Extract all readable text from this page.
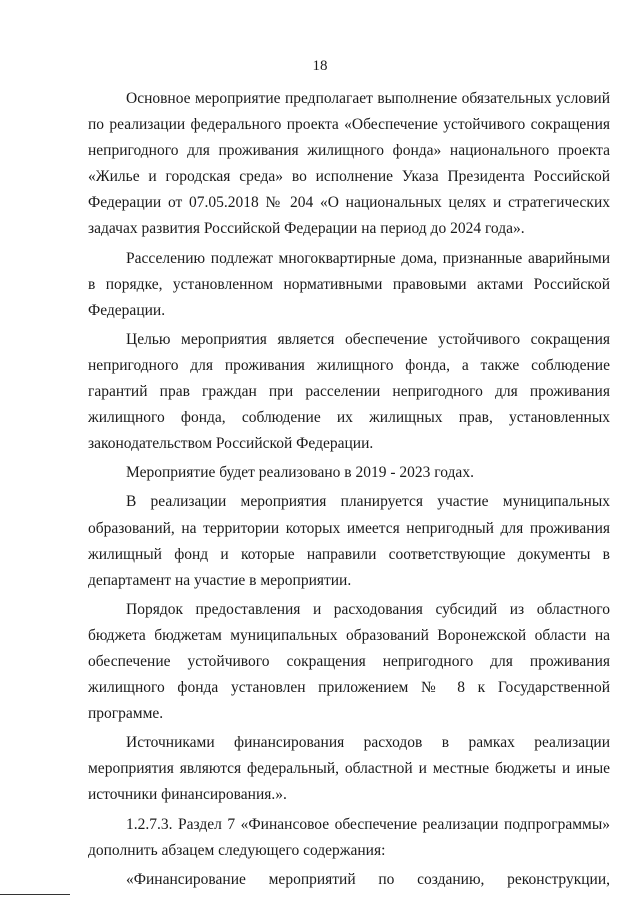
18

Основное мероприятие предполагает выполнение обязательных условий по реализации федерального проекта «Обеспечение устойчивого сокращения непригодного для проживания жилищного фонда» национального проекта «Жилье и городская среда» во исполнение Указа Президента Российской Федерации от 07.05.2018 № 204 «О национальных целях и стратегических задачах развития Российской Федерации на период до 2024 года».

Расселению подлежат многоквартирные дома, признанные аварийными в порядке, установленном нормативными правовыми актами Российской Федерации.

Целью мероприятия является обеспечение устойчивого сокращения непригодного для проживания жилищного фонда, а также соблюдение гарантий прав граждан при расселении непригодного для проживания жилищного фонда, соблюдение их жилищных прав, установленных законодательством Российской Федерации.

Мероприятие будет реализовано в 2019 - 2023 годах.

В реализации мероприятия планируется участие муниципальных образований, на территории которых имеется непригодный для проживания жилищный фонд и которые направили соответствующие документы в департамент на участие в мероприятии.

Порядок предоставления и расходования субсидий из областного бюджета бюджетам муниципальных образований Воронежской области на обеспечение устойчивого сокращения непригодного для проживания жилищного фонда установлен приложением № 8 к Государственной программе.

Источниками финансирования расходов в рамках реализации мероприятия являются федеральный, областной и местные бюджеты и иные источники финансирования.».

1.2.7.3. Раздел 7 «Финансовое обеспечение реализации подпрограммы» дополнить абзацем следующего содержания:

«Финансирование мероприятий по созданию, реконструкции,
